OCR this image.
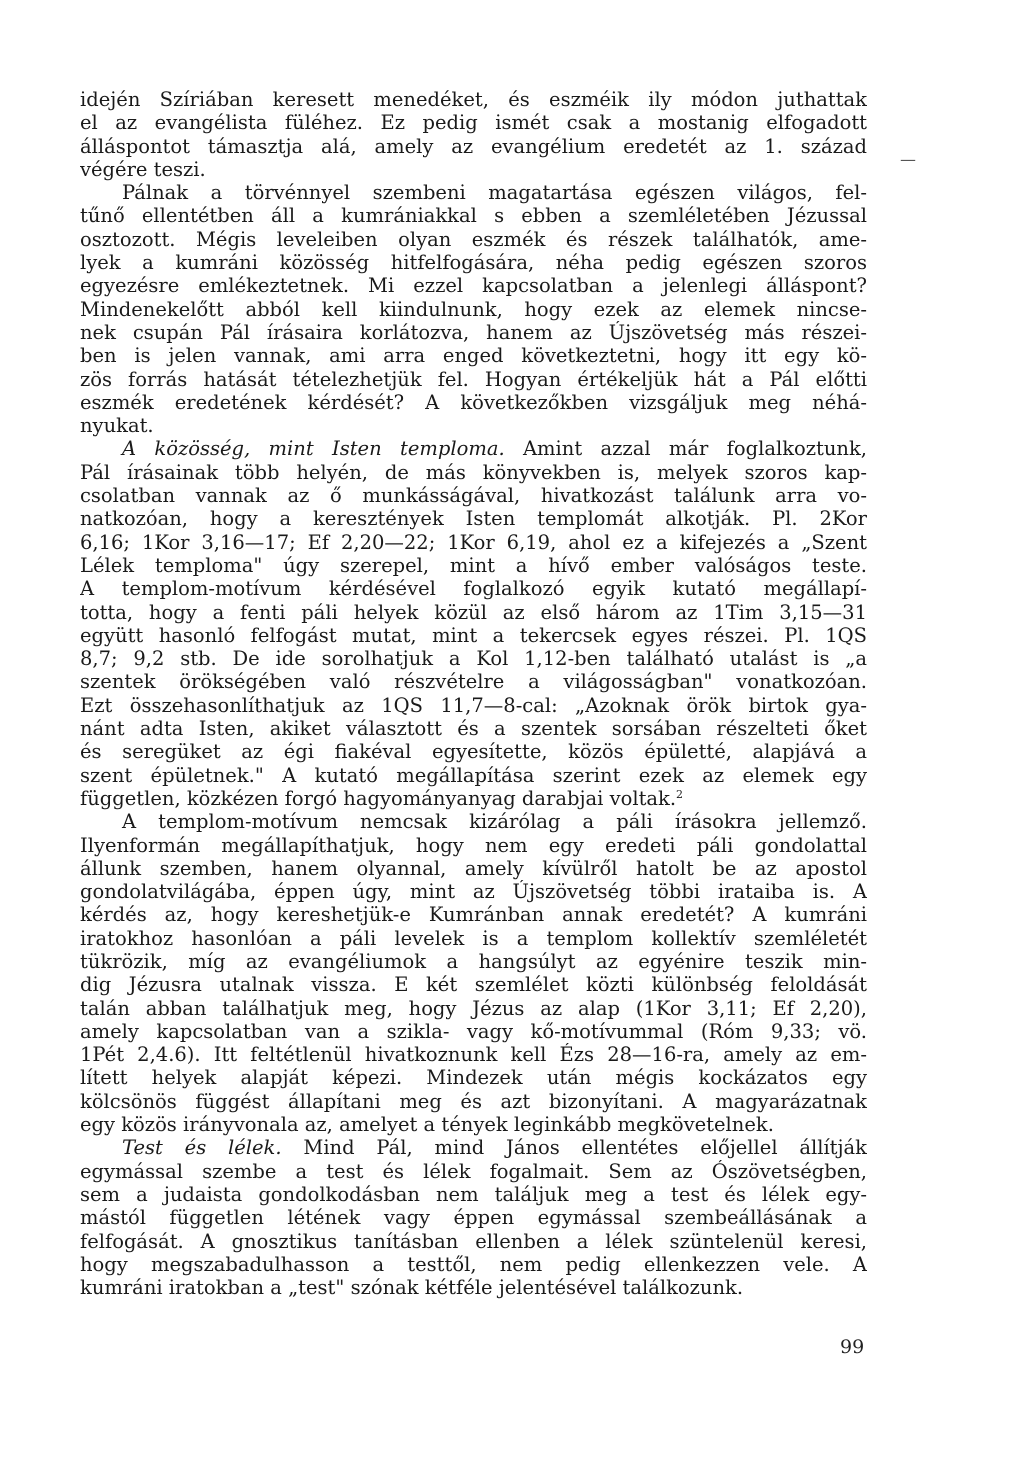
—
idején Szíriában keresett menedéket, és eszméik ily módon juthattak
el az evangélista füléhez. Ez pedig ismét csak a mostanig elfogadott
álláspontot támasztja alá, amely az evangélium eredetét az 1. század
végére teszi.
Pálnak a törvénnyel szembeni magatartása egészen világos, fel-
tűnő ellentétben áll a kumrániakkal s ebben a szemléletében Jézussal
osztozott. Mégis leveleiben olyan eszmék és részek találhatók, ame-
lyek a kumráni közösség hitfelfogására, néha pedig egészen szoros
egyezésre emlékeztetnek. Mi ezzel kapcsolatban a jelenlegi álláspont?
Mindenekelőtt abból kell kiindulnunk, hogy ezek az elemek nincse-
nek csupán Pál írásaira korlátozva, hanem az Újszövetség más részei-
ben is jelen vannak, ami arra enged következtetni, hogy itt egy kö-
zös forrás hatását tételezhetjük fel. Hogyan értékeljük hát a Pál előtti
eszmék eredetének kérdését? A következőkben vizsgáljuk meg néhá-
nyukat.
A közösség, mint Isten temploma. Amint azzal már foglalkoztunk,
Pál írásainak több helyén, de más könyvekben is, melyek szoros kap-
csolatban vannak az ő munkásságával, hivatkozást találunk arra vo-
natkozóan, hogy a keresztények Isten templomát alkotják. Pl. 2Kor
6,16; 1Kor 3,16—17; Ef 2,20—22; 1Kor 6,19, ahol ez a kifejezés a „Szent
Lélek temploma" úgy szerepel, mint a hívő ember valóságos teste.
A templom-motívum kérdésével foglalkozó egyik kutató megállapí-
totta, hogy a fenti páli helyek közül az első három az 1Tim 3,15—31
együtt hasonló felfogást mutat, mint a tekercsek egyes részei. Pl. 1QS
8,7; 9,2 stb. De ide sorolhatjuk a Kol 1,12-ben található utalást is „a
szentek örökségében való részvételre a világosságban" vonatkozóan.
Ezt összehasonlíthatjuk az 1QS 11,7—8-cal: „Azoknak örök birtok gya-
nánt adta Isten, akiket választott és a szentek sorsában részelteti őket
és seregüket az égi fiakéval egyesítette, közös épületté, alapjává a
szent épületnek." A kutató megállapítása szerint ezek az elemek egy
független, közkézen forgó hagyományanyag darabjai voltak.$^2$
A templom-motívum nemcsak kizárólag a páli írásokra jellemző.
Ilyenformán megállapíthatjuk, hogy nem egy eredeti páli gondolattal
állunk szemben, hanem olyannal, amely kívülről hatolt be az apostol
gondolatvilágába, éppen úgy, mint az Újszövetség többi irataiba is. A
kérdés az, hogy kereshetjük-e Kumránban annak eredetét? A kumráni
iratokhoz hasonlóan a páli levelek is a templom kollektív szemléletét
tükrözik, míg az evangéliumok a hangsúlyt az egyénire teszik min-
dig Jézusra utalnak vissza. E két szemlélet közti különbség feloldását
talán abban találhatjuk meg, hogy Jézus az alap (1Kor 3,11; Ef 2,20),
amely kapcsolatban van a szikla- vagy kő-motívummal (Róm 9,33; vö.
1Pét 2,4.6). Itt feltétlenül hivatkoznunk kell Ézs 28—16-ra, amely az em-
lített helyek alapját képezi. Mindezek után mégis kockázatos egy
kölcsönös függést állapítani meg és azt bizonyítani. A magyarázatnak
egy közös irányvonala az, amelyet a tények leginkább megkövetelnek.
Test és lélek. Mind Pál, mind János ellentétes előjellel állítják
egymással szembe a test és lélek fogalmait. Sem az Ószövetségben,
sem a judaista gondolkodásban nem találjuk meg a test és lélek egy-
mástól független létének vagy éppen egymással szembeállásának a
felfogását. A gnosztikus tanításban ellenben a lélek szüntelenül keresi,
hogy megszabadulhasson a testtől, nem pedig ellenkezzen vele. A
kumráni iratokban a „test" szónak kétféle jelentésével találkozunk.
99
